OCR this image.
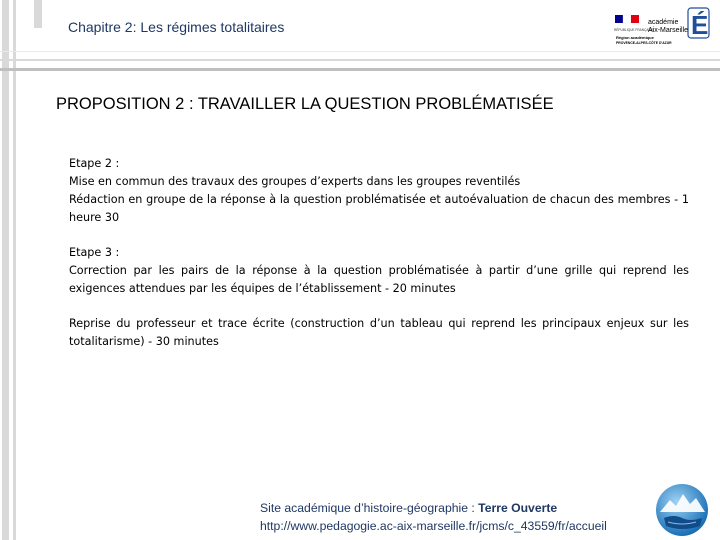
Chapitre 2: Les régimes totalitaires	RÉPUBLIQUE FRANÇAISE
Région académique
PROVENCE-ALPES-CÔTE D'AZUR
académie
Aix-Marseille É
PROPOSITION 2 : TRAVAILLER LA QUESTION PROBLÉMATISÉE

Etape 2 :
Mise en commun des travaux des groupes d’experts dans les groupes reventilés
Rédaction en groupe de la réponse à la question problématisée et autoévaluation de chacun des membres - 1 heure 30

Etape 3 :
Correction par les pairs de la réponse à la question problématisée à partir d’une grille qui reprend les exigences attendues par les équipes de l’établissement - 20 minutes

Reprise du professeur et trace écrite (construction d’un tableau qui reprend les principaux enjeux sur les totalitarisme) - 30 minutes

Site académique d’histoire-géographie : Terre Ouverte
http://www.pedagogie.ac-aix-marseille.fr/jcms/c_43559/fr/accueil
